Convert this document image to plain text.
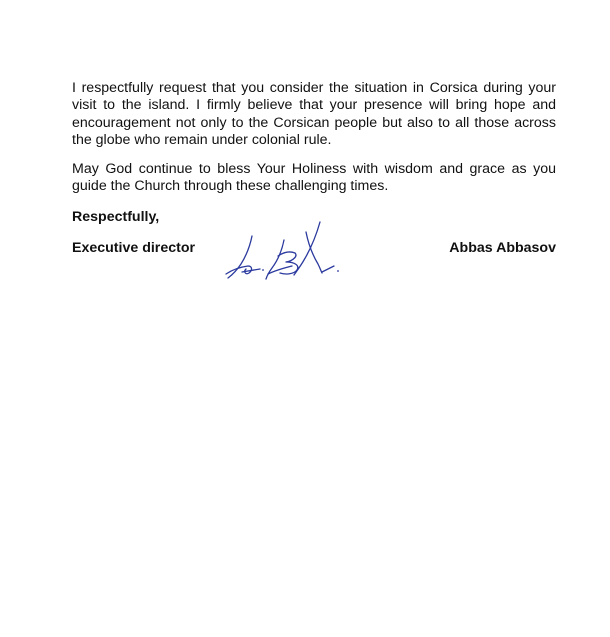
I respectfully request that you consider the situation in Corsica during your visit to the island. I firmly believe that your presence will bring hope and encouragement not only to the Corsican people but also to all those across the globe who remain under colonial rule.

May God continue to bless Your Holiness with wisdom and grace as you guide the Church through these challenging times.

Respectfully,

Executive director	Abbas Abbasov
